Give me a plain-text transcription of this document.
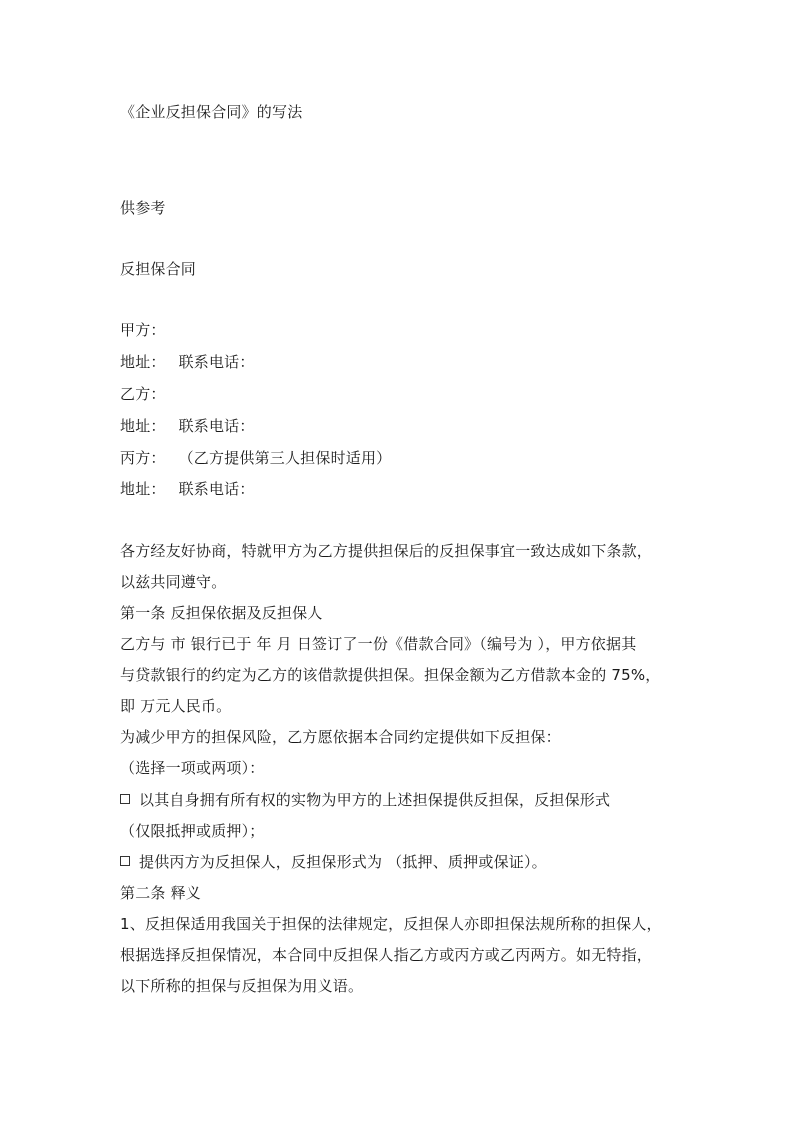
《企业反担保合同》的写法
供参考
反担保合同
甲方：
地址： 联系电话：
乙方：
地址： 联系电话：
丙方： （乙方提供第三人担保时适用）
地址： 联系电话：
各方经友好协商，特就甲方为乙方提供担保后的反担保事宜一致达成如下条款，
以兹共同遵守。
第一条 反担保依据及反担保人
乙方与 市 银行已于 年 月 日签订了一份《借款合同》（编号为 ），甲方依据其
与贷款银行的约定为乙方的该借款提供担保。担保金额为乙方借款本金的 75%，
即 万元人民币。
为减少甲方的担保风险，乙方愿依据本合同约定提供如下反担保：
（选择一项或两项）：
以其自身拥有所有权的实物为甲方的上述担保提供反担保，反担保形式
（仅限抵押或质押）；
提供丙方为反担保人，反担保形式为 （抵押、质押或保证）。
第二条 释义
1、反担保适用我国关于担保的法律规定，反担保人亦即担保法规所称的担保人，
根据选择反担保情况，本合同中反担保人指乙方或丙方或乙丙两方。如无特指，
以下所称的担保与反担保为用义语。
